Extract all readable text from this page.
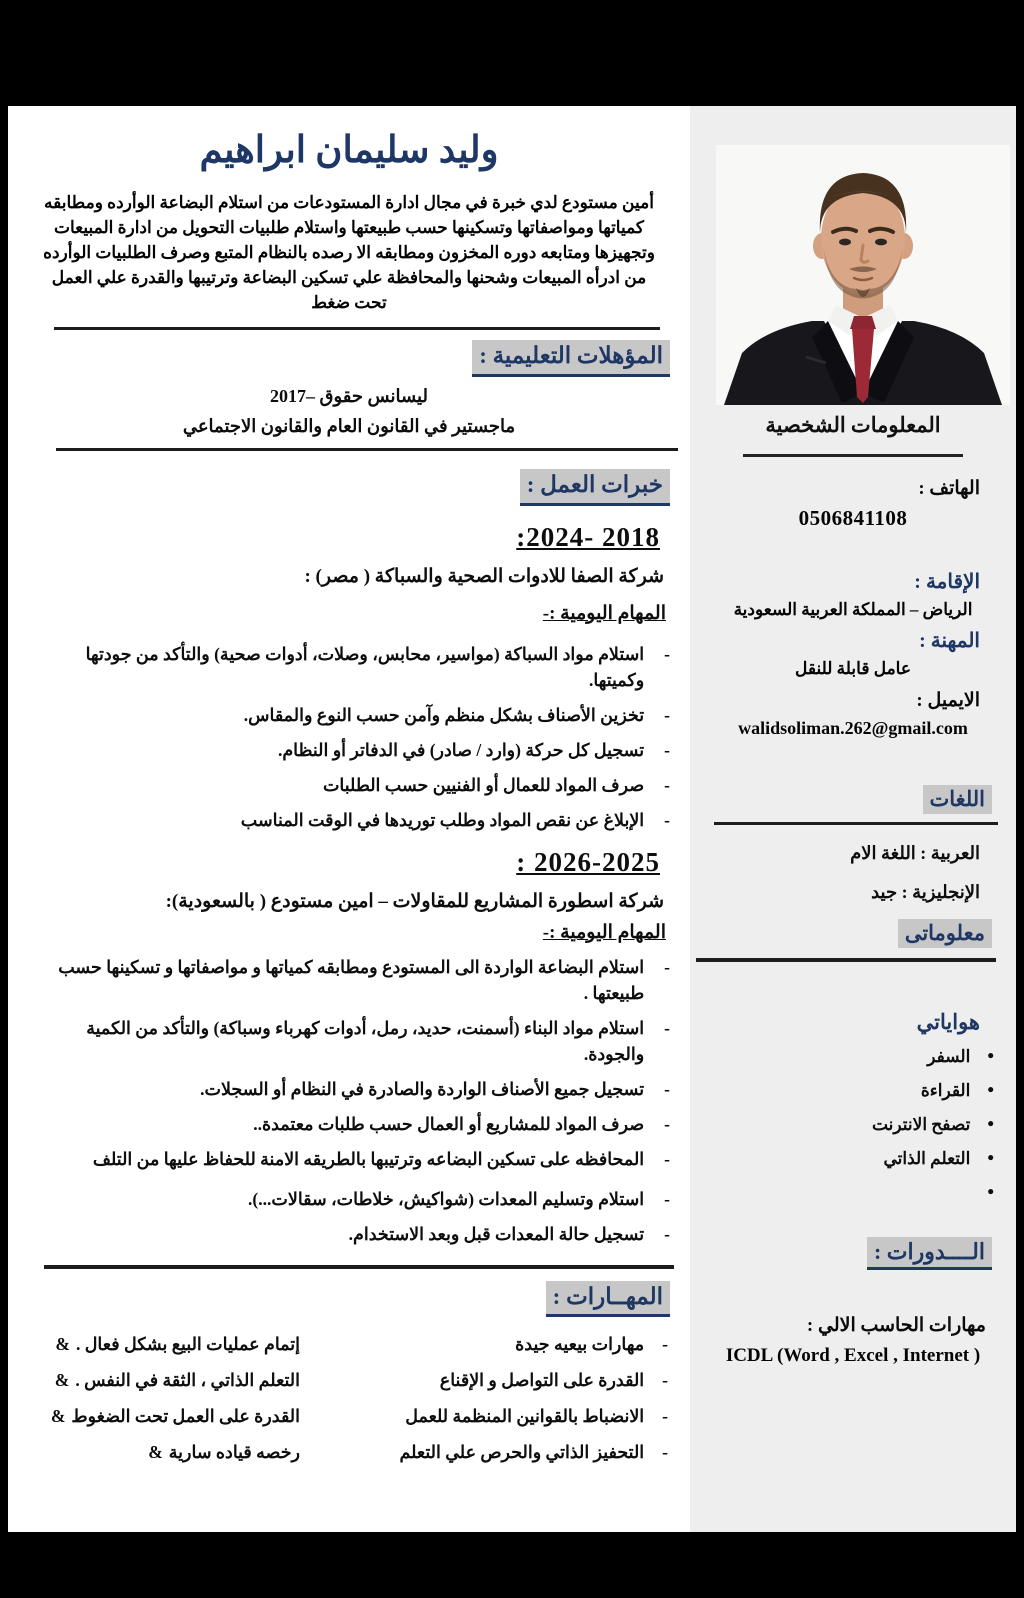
المعلومات الشخصية
الهاتف :
0506841108
الإقامة :
الرياض – المملكة العربية السعودية
المهنة :
عامل قابلة للنقل
الايميل :
walidsoliman.262@gmail.com
اللغات
العربية : اللغة الام
الإنجليزية : جيد
معلوماتى
هواياتي
•
السفر
•
القراءة
•
تصفح الانترنت
•
التعلم الذاتي
•
الــــدورات :
مهارات الحاسب الالي :
ICDL (Word , Excel , Internet )
وليد سليمان ابراهيم

أمين مستودع لدي خبرة في مجال ادارة المستودعات من استلام البضاعة الوأرده ومطابقه كمياتها ومواصفاتها وتسكينها حسب طبيعتها واستلام طلبيات التحويل من ادارة المبيعات وتجهيزها ومتابعه دوره المخزون ومطابقه الا رصده بالنظام المتبع وصرف الطلبيات الوأرده من ادرأه المبيعات وشحنها والمحافظة علي تسكين البضاعة وترتيبها والقدرة علي العمل تحت ضغط

المؤهلات التعليمية :
ليسانس حقوق –2017
ماجستير في القانون العام والقانون الاجتماعي
خبرات العمل :
:2024- 2018
شركة الصفا للادوات الصحية والسباكة ( مصر) :
المهام اليومية :-
-
استلام مواد السباكة (مواسير، محابس، وصلات، أدوات صحية) والتأكد من جودتها وكميتها.
-
تخزين الأصناف بشكل منظم وآمن حسب النوع والمقاس.
-
تسجيل كل حركة (وارد / صادر) في الدفاتر أو النظام.
-
صرف المواد للعمال أو الفنيين حسب الطلبات
-
الإبلاغ عن نقص المواد وطلب توريدها في الوقت المناسب
: 2026-2025
شركة اسطورة المشاريع للمقاولات – امين مستودع ( بالسعودية):
المهام اليومية :-
-
استلام البضاعة الواردة الى المستودع ومطابقه كمياتها و مواصفاتها و تسكينها حسب طبيعتها .
-
استلام مواد البناء (أسمنت، حديد، رمل، أدوات كهرباء وسباكة) والتأكد من الكمية والجودة.
-
تسجيل جميع الأصناف الواردة والصادرة في النظام أو السجلات.
-
صرف المواد للمشاريع أو العمال حسب طلبات معتمدة..
-
المحافظه على تسكين البضاعه وترتيبها بالطريقه الامنة للحفاظ عليها من التلف
-
استلام وتسليم المعدات (شواكيش، خلاطات، سقالات...).
-
تسجيل حالة المعدات قبل وبعد الاستخدام.
المهــارات :
-
مهارات بيعيه جيدة
إتمام عمليات البيع بشكل فعال .&
-
القدرة على التواصل و الإقناع
التعلم الذاتي ، الثقة في النفس .&
-
الانضباط بالقوانين المنظمة للعمل
القدرة على العمل تحت الضغوط&
-
التحفيز الذاتي والحرص علي التعلم
رخصه قياده سارية&
